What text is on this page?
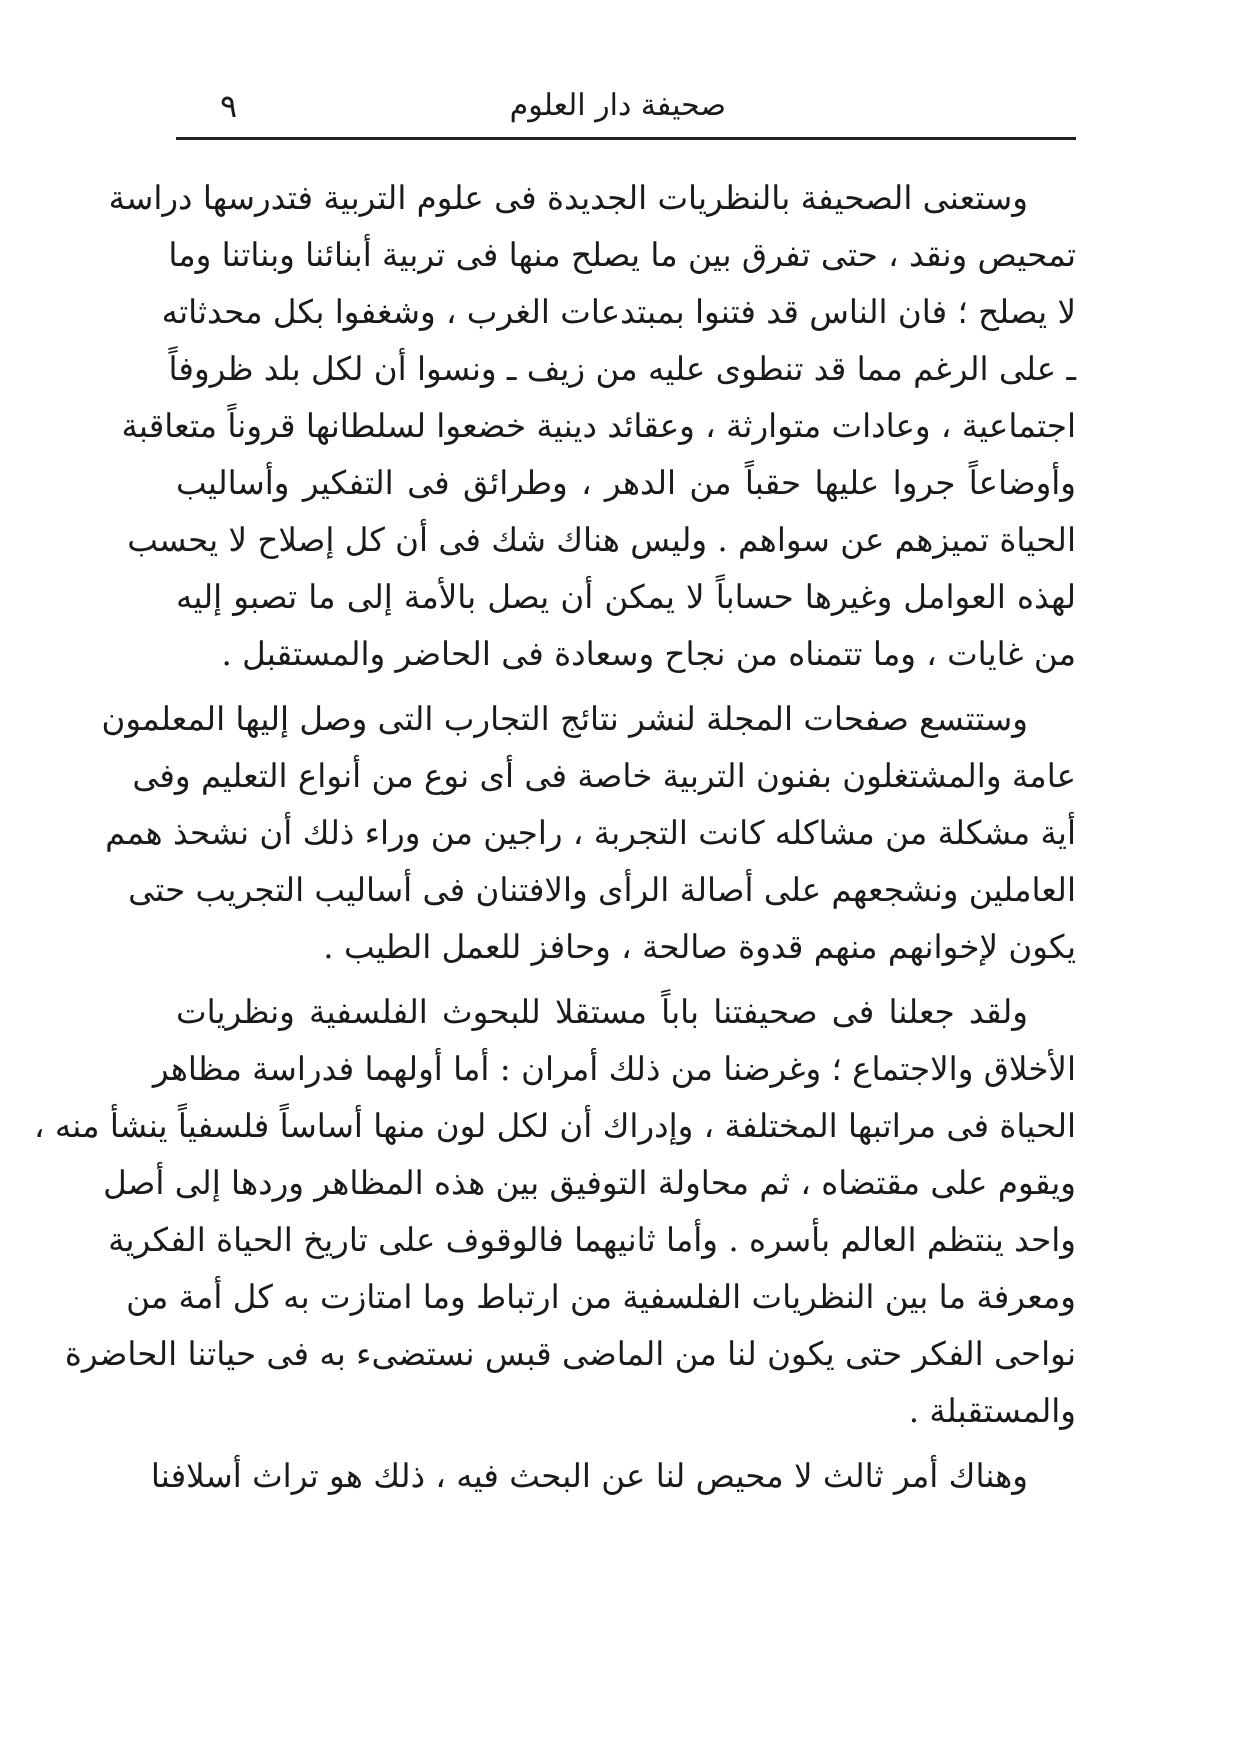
صحيفة دار العلوم
٩
وستعنى الصحيفة بالنظريات الجديدة فى علوم التربية فتدرسها دراسة
تمحيص ونقد ، حتى تفرق بين ما يصلح منها فى تربية أبنائنا وبناتنا وما
لا يصلح ؛ فان الناس قد فتنوا بمبتدعات الغرب ، وشغفوا بكل محدثاته
ـ على الرغم مما قد تنطوى عليه من زيف ـ ونسوا أن لكل بلد ظروفاً
اجتماعية ، وعادات متوارثة ، وعقائد دينية خضعوا لسلطانها قروناً متعاقبة
وأوضاعاً جروا عليها حقباً من الدهر ، وطرائق فى التفكير وأساليب
الحياة تميزهم عن سواهم . وليس هناك شك فى أن كل إصلاح لا يحسب
لهذه العوامل وغيرها حساباً لا يمكن أن يصل بالأمة إلى ما تصبو إليه
من غايات ، وما تتمناه من نجاح وسعادة فى الحاضر والمستقبل .
وستتسع صفحات المجلة لنشر نتائج التجارب التى وصل إليها المعلمون
عامة والمشتغلون بفنون التربية خاصة فى أى نوع من أنواع التعليم وفى
أية مشكلة من مشاكله كانت التجربة ، راجين من وراء ذلك أن نشحذ همم
العاملين ونشجعهم على أصالة الرأى والافتنان فى أساليب التجريب حتى
يكون لإخوانهم منهم قدوة صالحة ، وحافز للعمل الطيب .
ولقد جعلنا فى صحيفتنا باباً مستقلا للبحوث الفلسفية ونظريات
الأخلاق والاجتماع ؛ وغرضنا من ذلك أمران : أما أولهما فدراسة مظاهر
الحياة فى مراتبها المختلفة ، وإدراك أن لكل لون منها أساساً فلسفياً ينشأ منه ،
ويقوم على مقتضاه ، ثم محاولة التوفيق بين هذه المظاهر وردها إلى أصل
واحد ينتظم العالم بأسره . وأما ثانيهما فالوقوف على تاريخ الحياة الفكرية
ومعرفة ما بين النظريات الفلسفية من ارتباط وما امتازت به كل أمة من
نواحى الفكر حتى يكون لنا من الماضى قبس نستضىء به فى حياتنا الحاضرة
والمستقبلة .
وهناك أمر ثالث لا محيص لنا عن البحث فيه ، ذلك هو تراث أسلافنا
